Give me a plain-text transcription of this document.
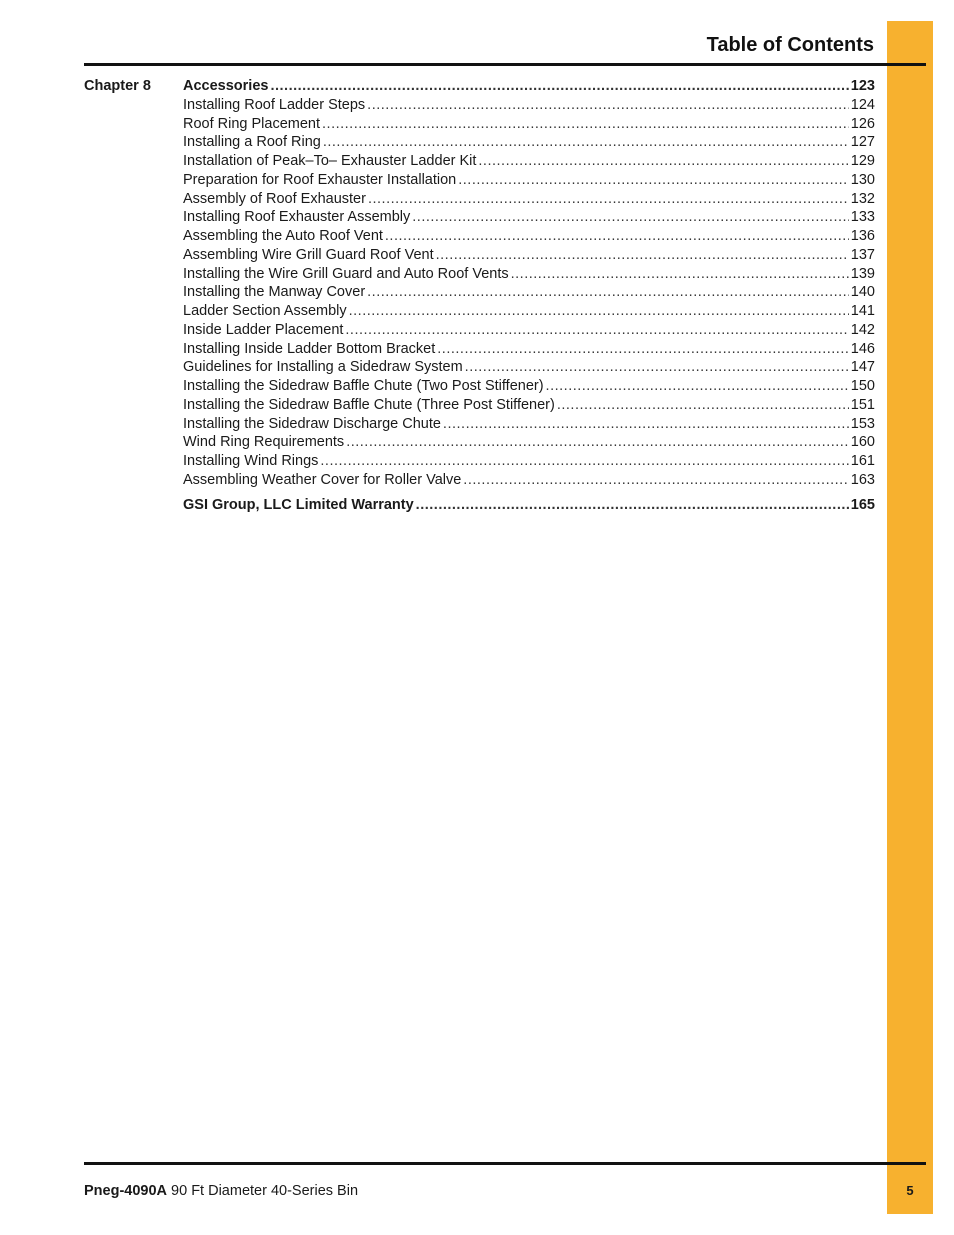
Table of Contents
Chapter 8 Accessories .....	123
Installing Roof Ladder Steps .....	124
Roof Ring Placement .....	126
Installing a Roof Ring .....	127
Installation of Peak–To– Exhauster Ladder Kit .....	129
Preparation for Roof Exhauster Installation .....	130
Assembly of Roof Exhauster .....	132
Installing Roof Exhauster Assembly .....	133
Assembling the Auto Roof Vent .....	136
Assembling Wire Grill Guard Roof Vent .....	137
Installing the Wire Grill Guard and Auto Roof Vents .....	139
Installing the Manway Cover .....	140
Ladder Section Assembly .....	141
Inside Ladder Placement .....	142
Installing Inside Ladder Bottom Bracket .....	146
Guidelines for Installing a Sidedraw System .....	147
Installing the Sidedraw Baffle Chute (Two Post Stiffener) .....	150
Installing the Sidedraw Baffle Chute (Three Post Stiffener) .....	151
Installing the Sidedraw Discharge Chute .....	153
Wind Ring Requirements .....	160
Installing Wind Rings .....	161
Assembling Weather Cover for Roller Valve .....	163
GSI Group, LLC Limited Warranty .....	165
Pneg-4090A 90 Ft Diameter 40-Series Bin	5
